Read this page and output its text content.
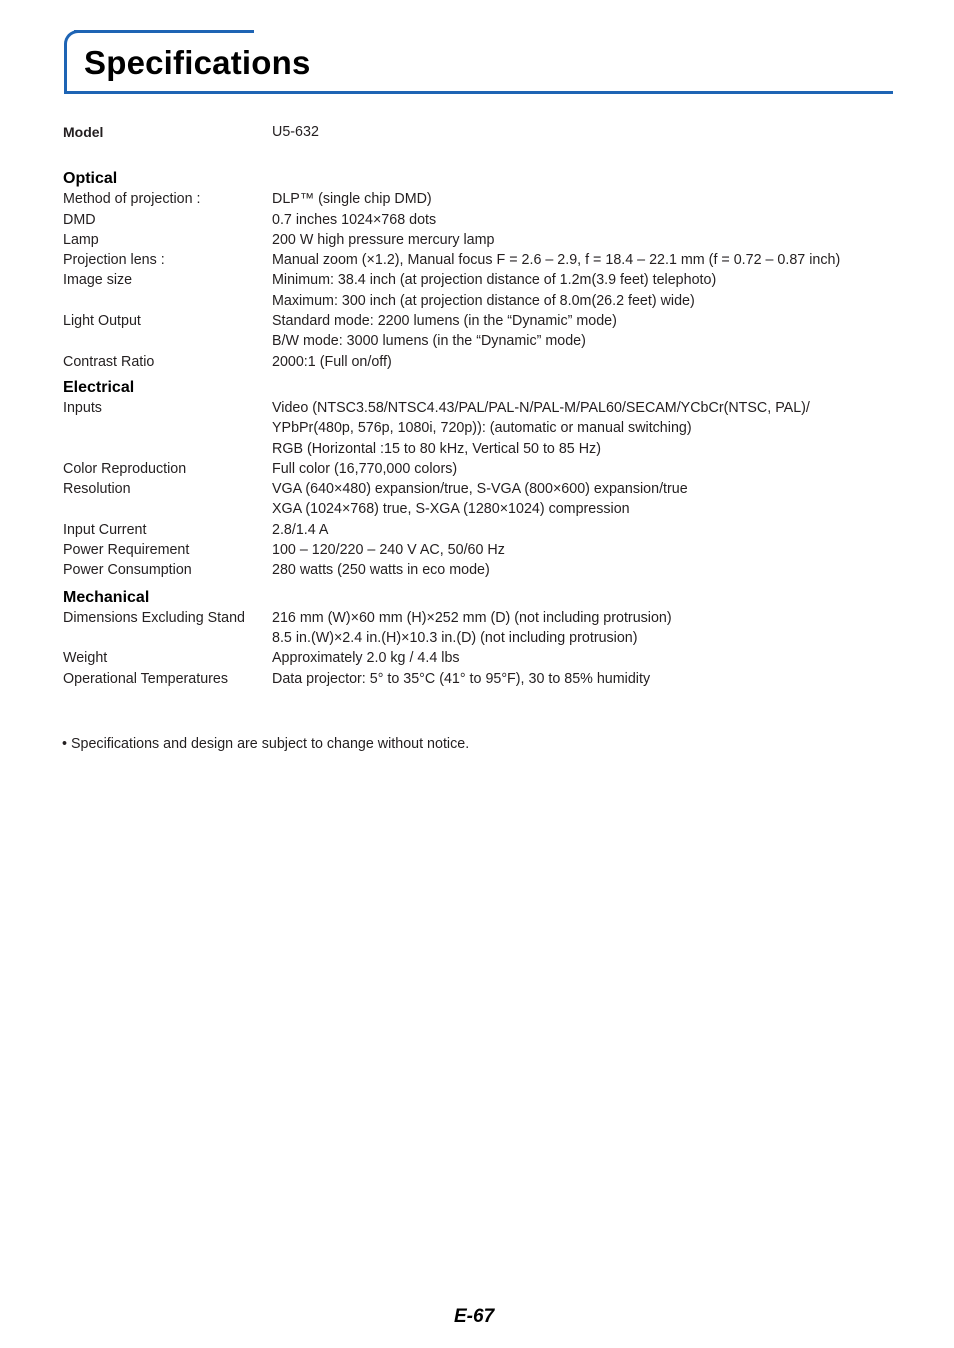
Specifications
Model	U5-632
Optical
Method of projection :	DLP™ (single chip DMD)
DMD	0.7 inches 1024×768 dots
Lamp	200 W high pressure mercury lamp
Projection lens :	Manual zoom (×1.2), Manual focus F = 2.6 – 2.9, f = 18.4 – 22.1 mm (f = 0.72 – 0.87 inch)
Image size	Minimum: 38.4 inch (at projection distance of 1.2m(3.9 feet) telephoto)
Maximum: 300 inch (at projection distance of 8.0m(26.2 feet) wide)
Light Output	Standard mode: 2200 lumens (in the “Dynamic” mode)
B/W mode: 3000 lumens (in the “Dynamic” mode)
Contrast Ratio	2000:1 (Full on/off)
Electrical
Inputs	Video (NTSC3.58/NTSC4.43/PAL/PAL-N/PAL-M/PAL60/SECAM/YCbCr(NTSC, PAL)/
YPbPr(480p, 576p, 1080i, 720p)): (automatic or manual switching)
RGB (Horizontal :15 to 80 kHz, Vertical 50 to 85 Hz)
Color Reproduction	Full color (16,770,000 colors)
Resolution	VGA (640×480) expansion/true, S-VGA (800×600) expansion/true
XGA (1024×768) true, S-XGA (1280×1024) compression
Input Current	2.8/1.4 A
Power Requirement	100 – 120/220 – 240 V AC, 50/60 Hz
Power Consumption	280 watts (250 watts in eco mode)
Mechanical
Dimensions Excluding Stand	216 mm (W)×60 mm (H)×252 mm (D) (not including protrusion)
8.5 in.(W)×2.4 in.(H)×10.3 in.(D) (not including protrusion)
Weight	Approximately 2.0 kg / 4.4 lbs
Operational Temperatures	Data projector: 5° to 35°C (41° to 95°F), 30 to 85% humidity
• Specifications and design are subject to change without notice.
E-67
